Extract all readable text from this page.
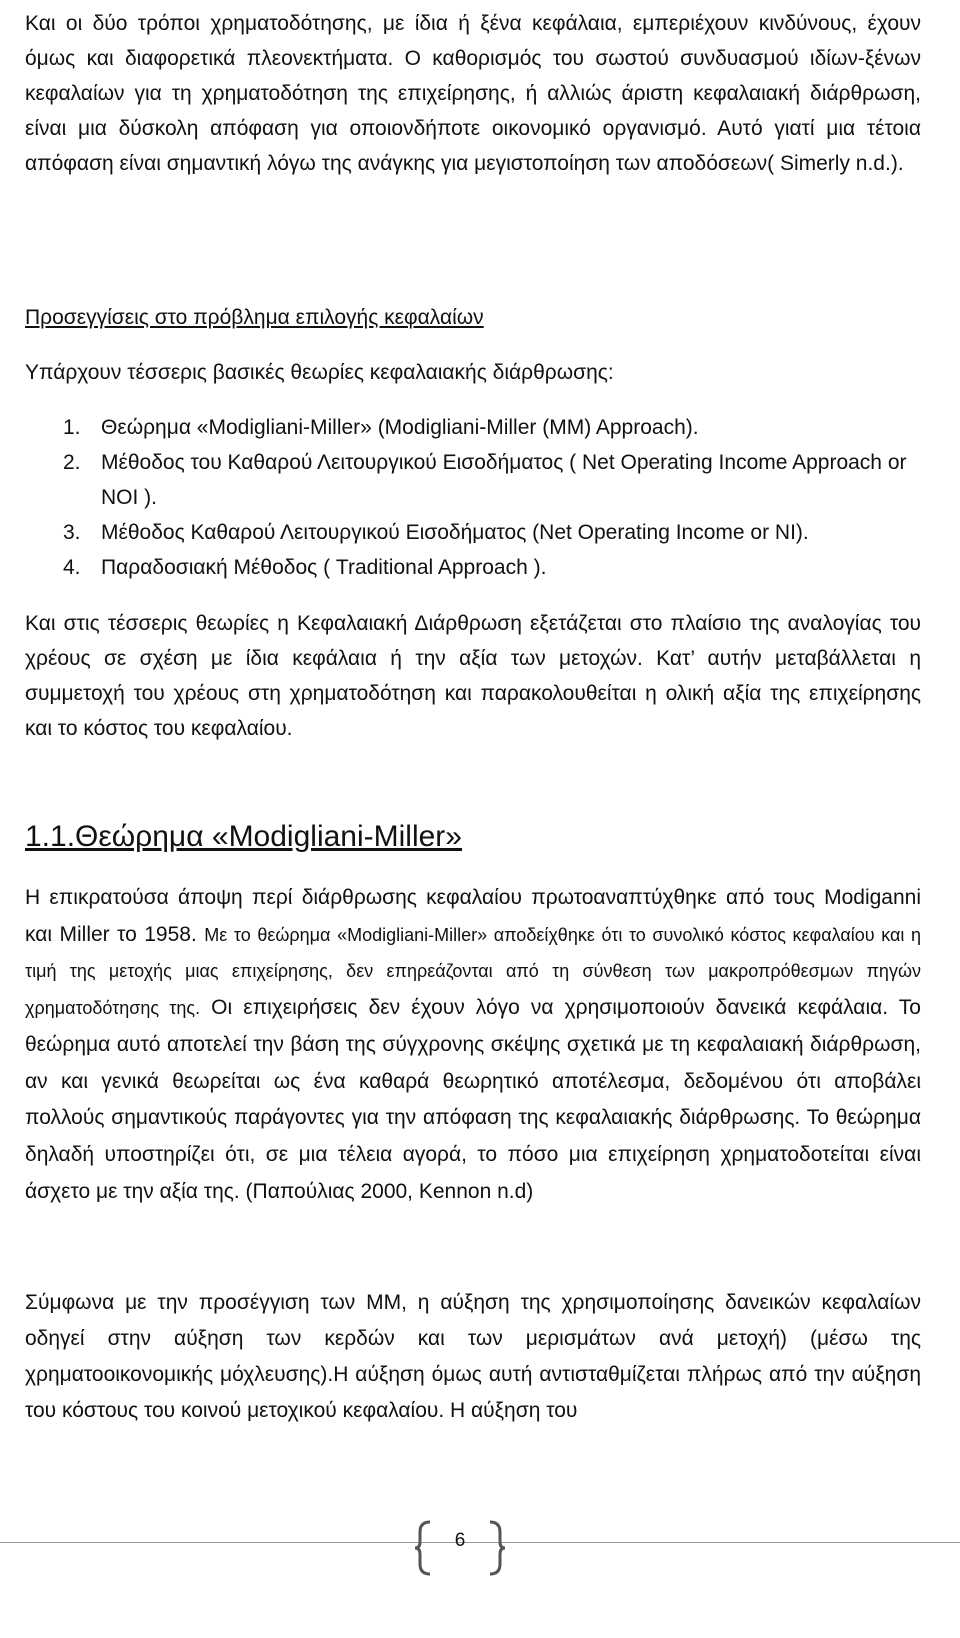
Και οι δύο τρόποι χρηματοδότησης, με ίδια ή ξένα κεφάλαια, εμπεριέχουν κινδύνους, έχουν όμως και διαφορετικά πλεονεκτήματα. Ο καθορισμός του σωστού συνδυασμού ιδίων-ξένων κεφαλαίων για τη χρηματοδότηση της επιχείρησης, ή αλλιώς άριστη κεφαλαιακή διάρθρωση, είναι μια δύσκολη απόφαση για οποιονδήποτε οικονομικό οργανισμό. Αυτό γιατί μια τέτοια απόφαση είναι σημαντική λόγω της ανάγκης για μεγιστοποίηση των αποδόσεων( Simerly n.d.).

Προσεγγίσεις στο πρόβλημα επιλογής κεφαλαίων
Υπάρχουν τέσσερις βασικές θεωρίες κεφαλαιακής διάρθρωσης:
1. Θεώρημα «Modigliani-Miller» (Modigliani-Miller (MM) Approach).
2. Μέθοδος του Καθαρού Λειτουργικού Εισοδήματος ( Net Operating Income Approach or NOI ).
3. Μέθοδος Καθαρού Λειτουργικού Εισοδήματος (Net Operating Income or NI).
4. Παραδοσιακή Μέθοδος ( Traditional Approach ).

Και στις τέσσερις θεωρίες η Κεφαλαιακή Διάρθρωση εξετάζεται στο πλαίσιο της αναλογίας του χρέους σε σχέση με ίδια κεφάλαια ή την αξία των μετοχών. Κατ’ αυτήν μεταβάλλεται η συμμετοχή του χρέους στη χρηματοδότηση και παρακολουθείται η ολική αξία της επιχείρησης και το κόστος του κεφαλαίου.

1.1.Θεώρημα «Modigliani-Miller»

Η επικρατούσα άποψη περί διάρθρωσης κεφαλαίου πρωτοαναπτύχθηκε από τους Modiganni και Miller το 1958. Με το θεώρημα «Modigliani-Miller» αποδείχθηκε ότι το συνολικό κόστος κεφαλαίου και η τιμή της μετοχής μιας επιχείρησης, δεν επηρεάζονται από τη σύνθεση των μακροπρόθεσμων πηγών χρηματοδότησης της. Οι επιχειρήσεις δεν έχουν λόγο να χρησιμοποιούν δανεικά κεφάλαια. Το θεώρημα αυτό αποτελεί την βάση της σύγχρονης σκέψης σχετικά με τη κεφαλαιακή διάρθρωση, αν και γενικά θεωρείται ως ένα καθαρά θεωρητικό αποτέλεσμα, δεδομένου ότι αποβάλει πολλούς σημαντικούς παράγοντες για την απόφαση της κεφαλαιακής διάρθρωσης. Το θεώρημα δηλαδή υποστηρίζει ότι, σε μια τέλεια αγορά, το πόσο μια επιχείρηση χρηματοδοτείται είναι άσχετο με την αξία της. (Παπούλιας 2000, Kennon n.d)

Σύμφωνα με την προσέγγιση των ΜΜ, η αύξηση της χρησιμοποίησης δανεικών κεφαλαίων οδηγεί στην αύξηση των κερδών και των μερισμάτων ανά μετοχή) (μέσω της χρηματοοικονομικής μόχλευσης).Η αύξηση όμως αυτή αντισταθμίζεται πλήρως από την αύξηση του κόστους του κοινού μετοχικού κεφαλαίου. Η αύξηση του

6
